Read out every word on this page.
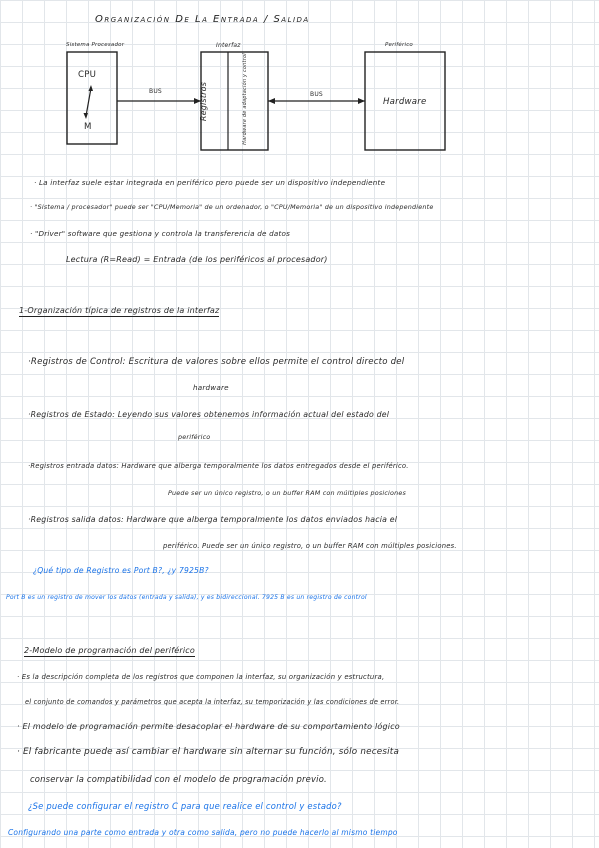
Organización De La Entrada / Salida
Sistema Procesador
CPU
M
Interfaz	Periférico
BUS	BUS
Hardware
Registros	Hardware de adaptación y control
· La interfaz suele estar integrada en periférico pero puede ser un dispositivo independiente
· "Sistema / procesador" puede ser "CPU/Memoria" de un ordenador, o "CPU/Memoria" de un dispositivo independiente
· "Driver" software que gestiona y controla la transferencia de datos
Lectura (R=Read) = Entrada (de los periféricos al procesador)
1-Organización típica de registros de la interfaz
·Registros de Control: Escritura de valores sobre ellos permite el control directo del
hardware
·Registros de Estado: Leyendo sus valores obtenemos información actual del estado del
periférico
·Registros entrada datos: Hardware que alberga temporalmente los datos entregados desde el periférico.
Puede ser un único registro, o un buffer RAM con múltiples posiciones
·Registros salida datos: Hardware que alberga temporalmente los datos enviados hacia el
periférico. Puede ser un único registro, o un buffer RAM con múltiples posiciones.
¿Qué tipo de Registro es Port B?, ¿y 7925B?
Port B es un registro de mover los datos (entrada y salida), y es bidireccional. 7925 B es un registro de control
2-Modelo de programación del periférico
· Es la descripción completa de los registros que componen la interfaz, su organización y estructura,
el conjunto de comandos y parámetros que acepta la interfaz, su temporización y las condiciones de error.
· El modelo de programación permite desacoplar el hardware de su comportamiento lógico
· El fabricante puede así cambiar el hardware sin alternar su función, sólo necesita
conservar la compatibilidad con el modelo de programación previo.
¿Se puede configurar el registro C para que realice el control y estado?
Configurando una parte como entrada y otra como salida, pero no puede hacerlo al mismo tiempo
